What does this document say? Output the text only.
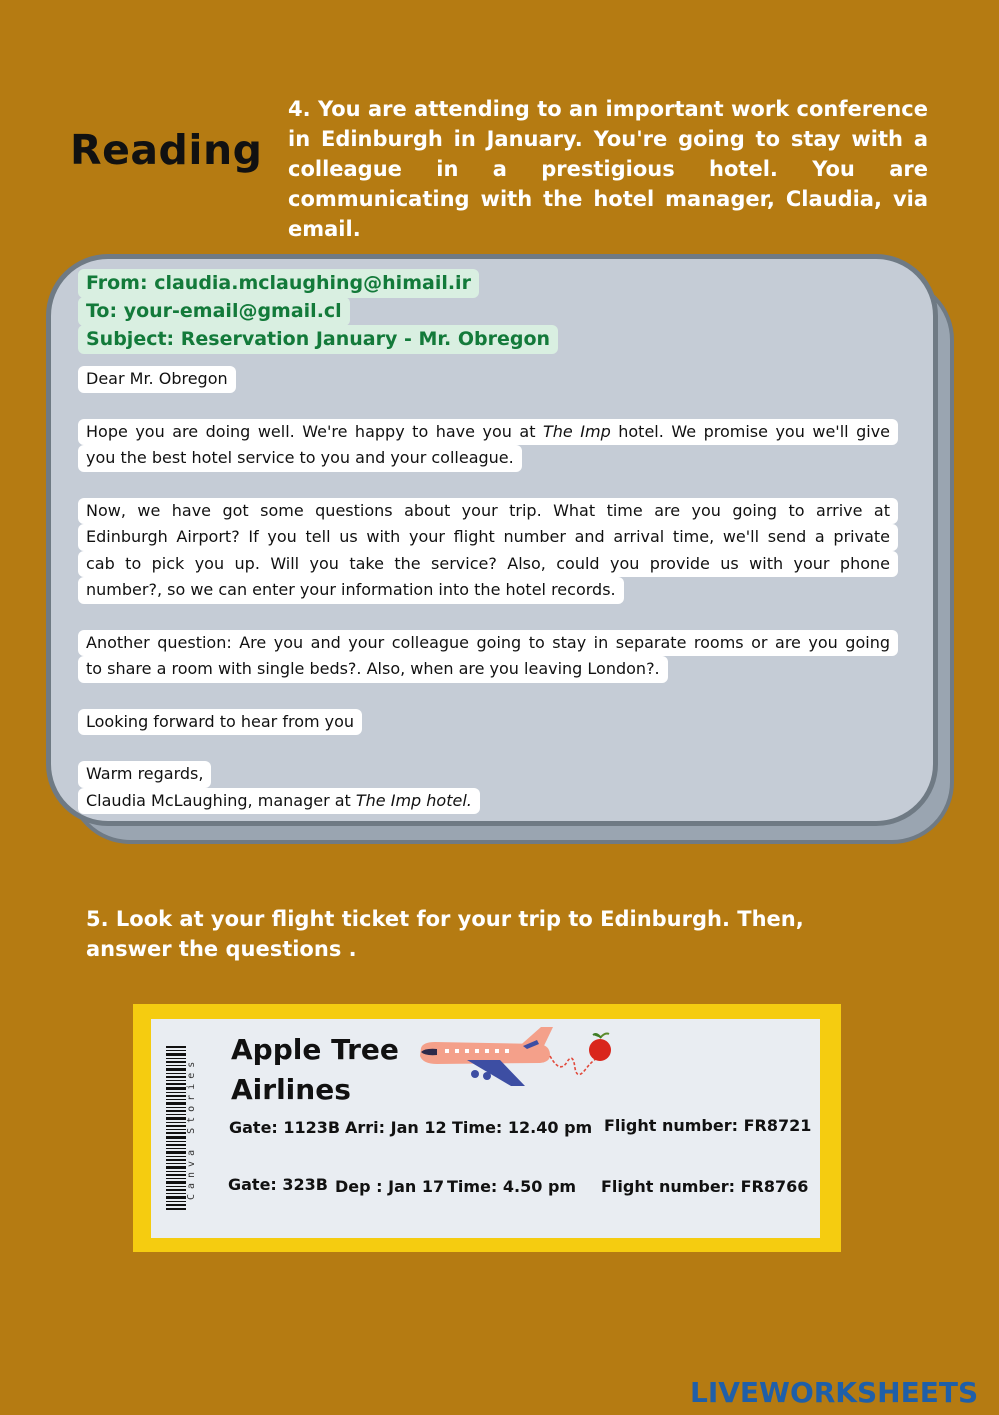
Reading

4. You are attending to an important work conference in Edinburgh in January. You're going to stay with a colleague in a prestigious hotel. You are communicating with the hotel manager, Claudia, via email.

From: claudia.mclaughing@himail.ir
To: your-email@gmail.cl
Subject: Reservation January - Mr. Obregon
Dear Mr. Obregon
Hope you are doing well. We're happy to have you at The Imp hotel. We promise you we'll give
you the best hotel service to you and your colleague.
Now, we have got some questions about your trip. What time are you going to arrive at
Edinburgh Airport? If you tell us with your flight number and arrival time, we'll send a private
cab to pick you up. Will you take the service? Also, could you provide us with your phone
number?, so we can enter your information into the hotel records.
Another question: Are you and your colleague going to stay in separate rooms or are you going
to share a room with single beds?. Also, when are you leaving London?.
Looking forward to hear from you
Warm regards,
Claudia McLaughing, manager at The Imp hotel.

5. Look at your flight ticket for your trip to Edinburgh. Then, answer the questions .

Canva Stories
Apple Tree
Airlines
Gate: 1123B Arri: Jan 12 Time: 12.40 pm Flight number: FR8721
Gate: 323B Dep : Jan 17 Time: 4.50 pm Flight number: FR8766
LIVEWORKSHEETS
